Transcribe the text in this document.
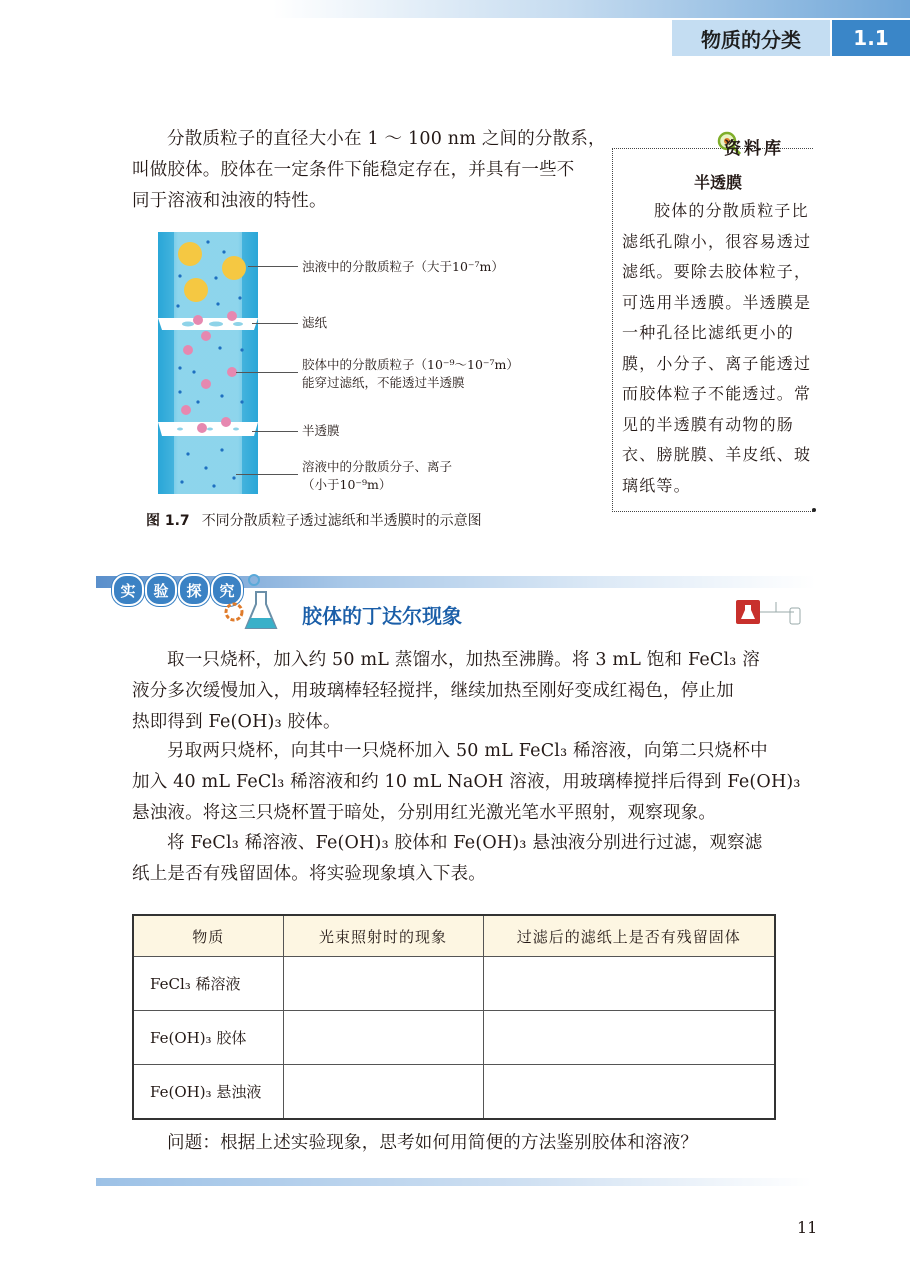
物质的分类	1.1

分散质粒子的直径大小在 1 ～ 100 nm 之间的分散系，

叫做胶体。胶体在一定条件下能稳定存在，并具有一些不

同于溶液和浊液的特性。

浊液中的分散质粒子（大于10⁻⁷m）
滤纸
胶体中的分散质粒子（10⁻⁹～10⁻⁷m）
能穿过滤纸，不能透过半透膜
半透膜
溶液中的分散质分子、离子
（小于10⁻⁹m）
图 1.7 不同分散质粒子透过滤纸和半透膜时的示意图
资料库
半透膜

胶体的分散质粒子比滤纸孔隙小，很容易透过滤纸。要除去胶体粒子，可选用半透膜。半透膜是一种孔径比滤纸更小的膜，小分子、离子能透过而胶体粒子不能透过。常见的半透膜有动物的肠衣、膀胱膜、羊皮纸、玻璃纸等。

实	验	探	究
胶体的丁达尔现象

取一只烧杯，加入约 50 mL 蒸馏水，加热至沸腾。将 3 mL 饱和 FeCl₃ 溶

液分多次缓慢加入，用玻璃棒轻轻搅拌，继续加热至刚好变成红褐色，停止加

热即得到 Fe(OH)₃ 胶体。

另取两只烧杯，向其中一只烧杯加入 50 mL FeCl₃ 稀溶液，向第二只烧杯中

加入 40 mL FeCl₃ 稀溶液和约 10 mL NaOH 溶液，用玻璃棒搅拌后得到 Fe(OH)₃

悬浊液。将这三只烧杯置于暗处，分别用红光激光笔水平照射，观察现象。

将 FeCl₃ 稀溶液、Fe(OH)₃ 胶体和 Fe(OH)₃ 悬浊液分别进行过滤，观察滤

纸上是否有残留固体。将实验现象填入下表。

物质	光束照射时的现象	过滤后的滤纸上是否有残留固体
FeCl₃ 稀溶液		
Fe(OH)₃ 胶体		
Fe(OH)₃ 悬浊液		

问题：根据上述实验现象，思考如何用简便的方法鉴别胶体和溶液？

11
